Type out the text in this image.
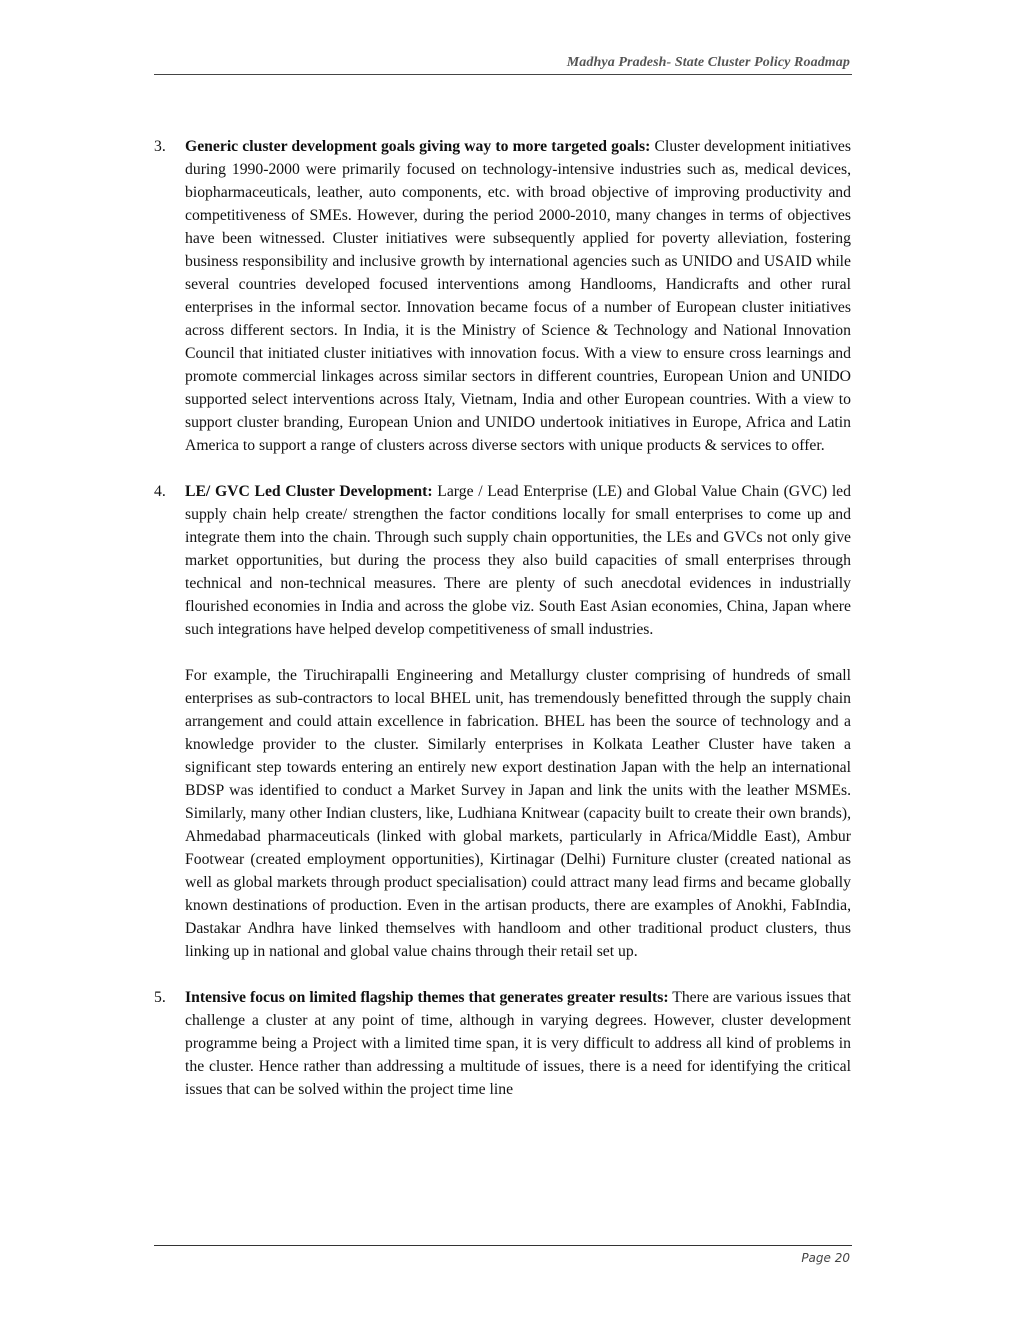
Madhya Pradesh- State Cluster Policy Roadmap
3. Generic cluster development goals giving way to more targeted goals: Cluster development initiatives during 1990-2000 were primarily focused on technology-intensive industries such as, medical devices, biopharmaceuticals, leather, auto components, etc. with broad objective of improving productivity and competitiveness of SMEs. However, during the period 2000-2010, many changes in terms of objectives have been witnessed. Cluster initiatives were subsequently applied for poverty alleviation, fostering business responsibility and inclusive growth by international agencies such as UNIDO and USAID while several countries developed focused interventions among Handlooms, Handicrafts and other rural enterprises in the informal sector. Innovation became focus of a number of European cluster initiatives across different sectors. In India, it is the Ministry of Science & Technology and National Innovation Council that initiated cluster initiatives with innovation focus. With a view to ensure cross learnings and promote commercial linkages across similar sectors in different countries, European Union and UNIDO supported select interventions across Italy, Vietnam, India and other European countries. With a view to support cluster branding, European Union and UNIDO undertook initiatives in Europe, Africa and Latin America to support a range of clusters across diverse sectors with unique products & services to offer.

4. LE/ GVC Led Cluster Development: Large / Lead Enterprise (LE) and Global Value Chain (GVC) led supply chain help create/ strengthen the factor conditions locally for small enterprises to come up and integrate them into the chain. Through such supply chain opportunities, the LEs and GVCs not only give market opportunities, but during the process they also build capacities of small enterprises through technical and non-technical measures. There are plenty of such anecdotal evidences in industrially flourished economies in India and across the globe viz. South East Asian economies, China, Japan where such integrations have helped develop competitiveness of small industries.

For example, the Tiruchirapalli Engineering and Metallurgy cluster comprising of hundreds of small enterprises as sub-contractors to local BHEL unit, has tremendously benefitted through the supply chain arrangement and could attain excellence in fabrication. BHEL has been the source of technology and a knowledge provider to the cluster. Similarly enterprises in Kolkata Leather Cluster have taken a significant step towards entering an entirely new export destination Japan with the help an international BDSP was identified to conduct a Market Survey in Japan and link the units with the leather MSMEs. Similarly, many other Indian clusters, like, Ludhiana Knitwear (capacity built to create their own brands), Ahmedabad pharmaceuticals (linked with global markets, particularly in Africa/Middle East), Ambur Footwear (created employment opportunities), Kirtinagar (Delhi) Furniture cluster (created national as well as global markets through product specialisation) could attract many lead firms and became globally known destinations of production. Even in the artisan products, there are examples of Anokhi, FabIndia, Dastakar Andhra have linked themselves with handloom and other traditional product clusters, thus linking up in national and global value chains through their retail set up.

5. Intensive focus on limited flagship themes that generates greater results: There are various issues that challenge a cluster at any point of time, although in varying degrees. However, cluster development programme being a Project with a limited time span, it is very difficult to address all kind of problems in the cluster. Hence rather than addressing a multitude of issues, there is a need for identifying the critical issues that can be solved within the project time line

Page 20
